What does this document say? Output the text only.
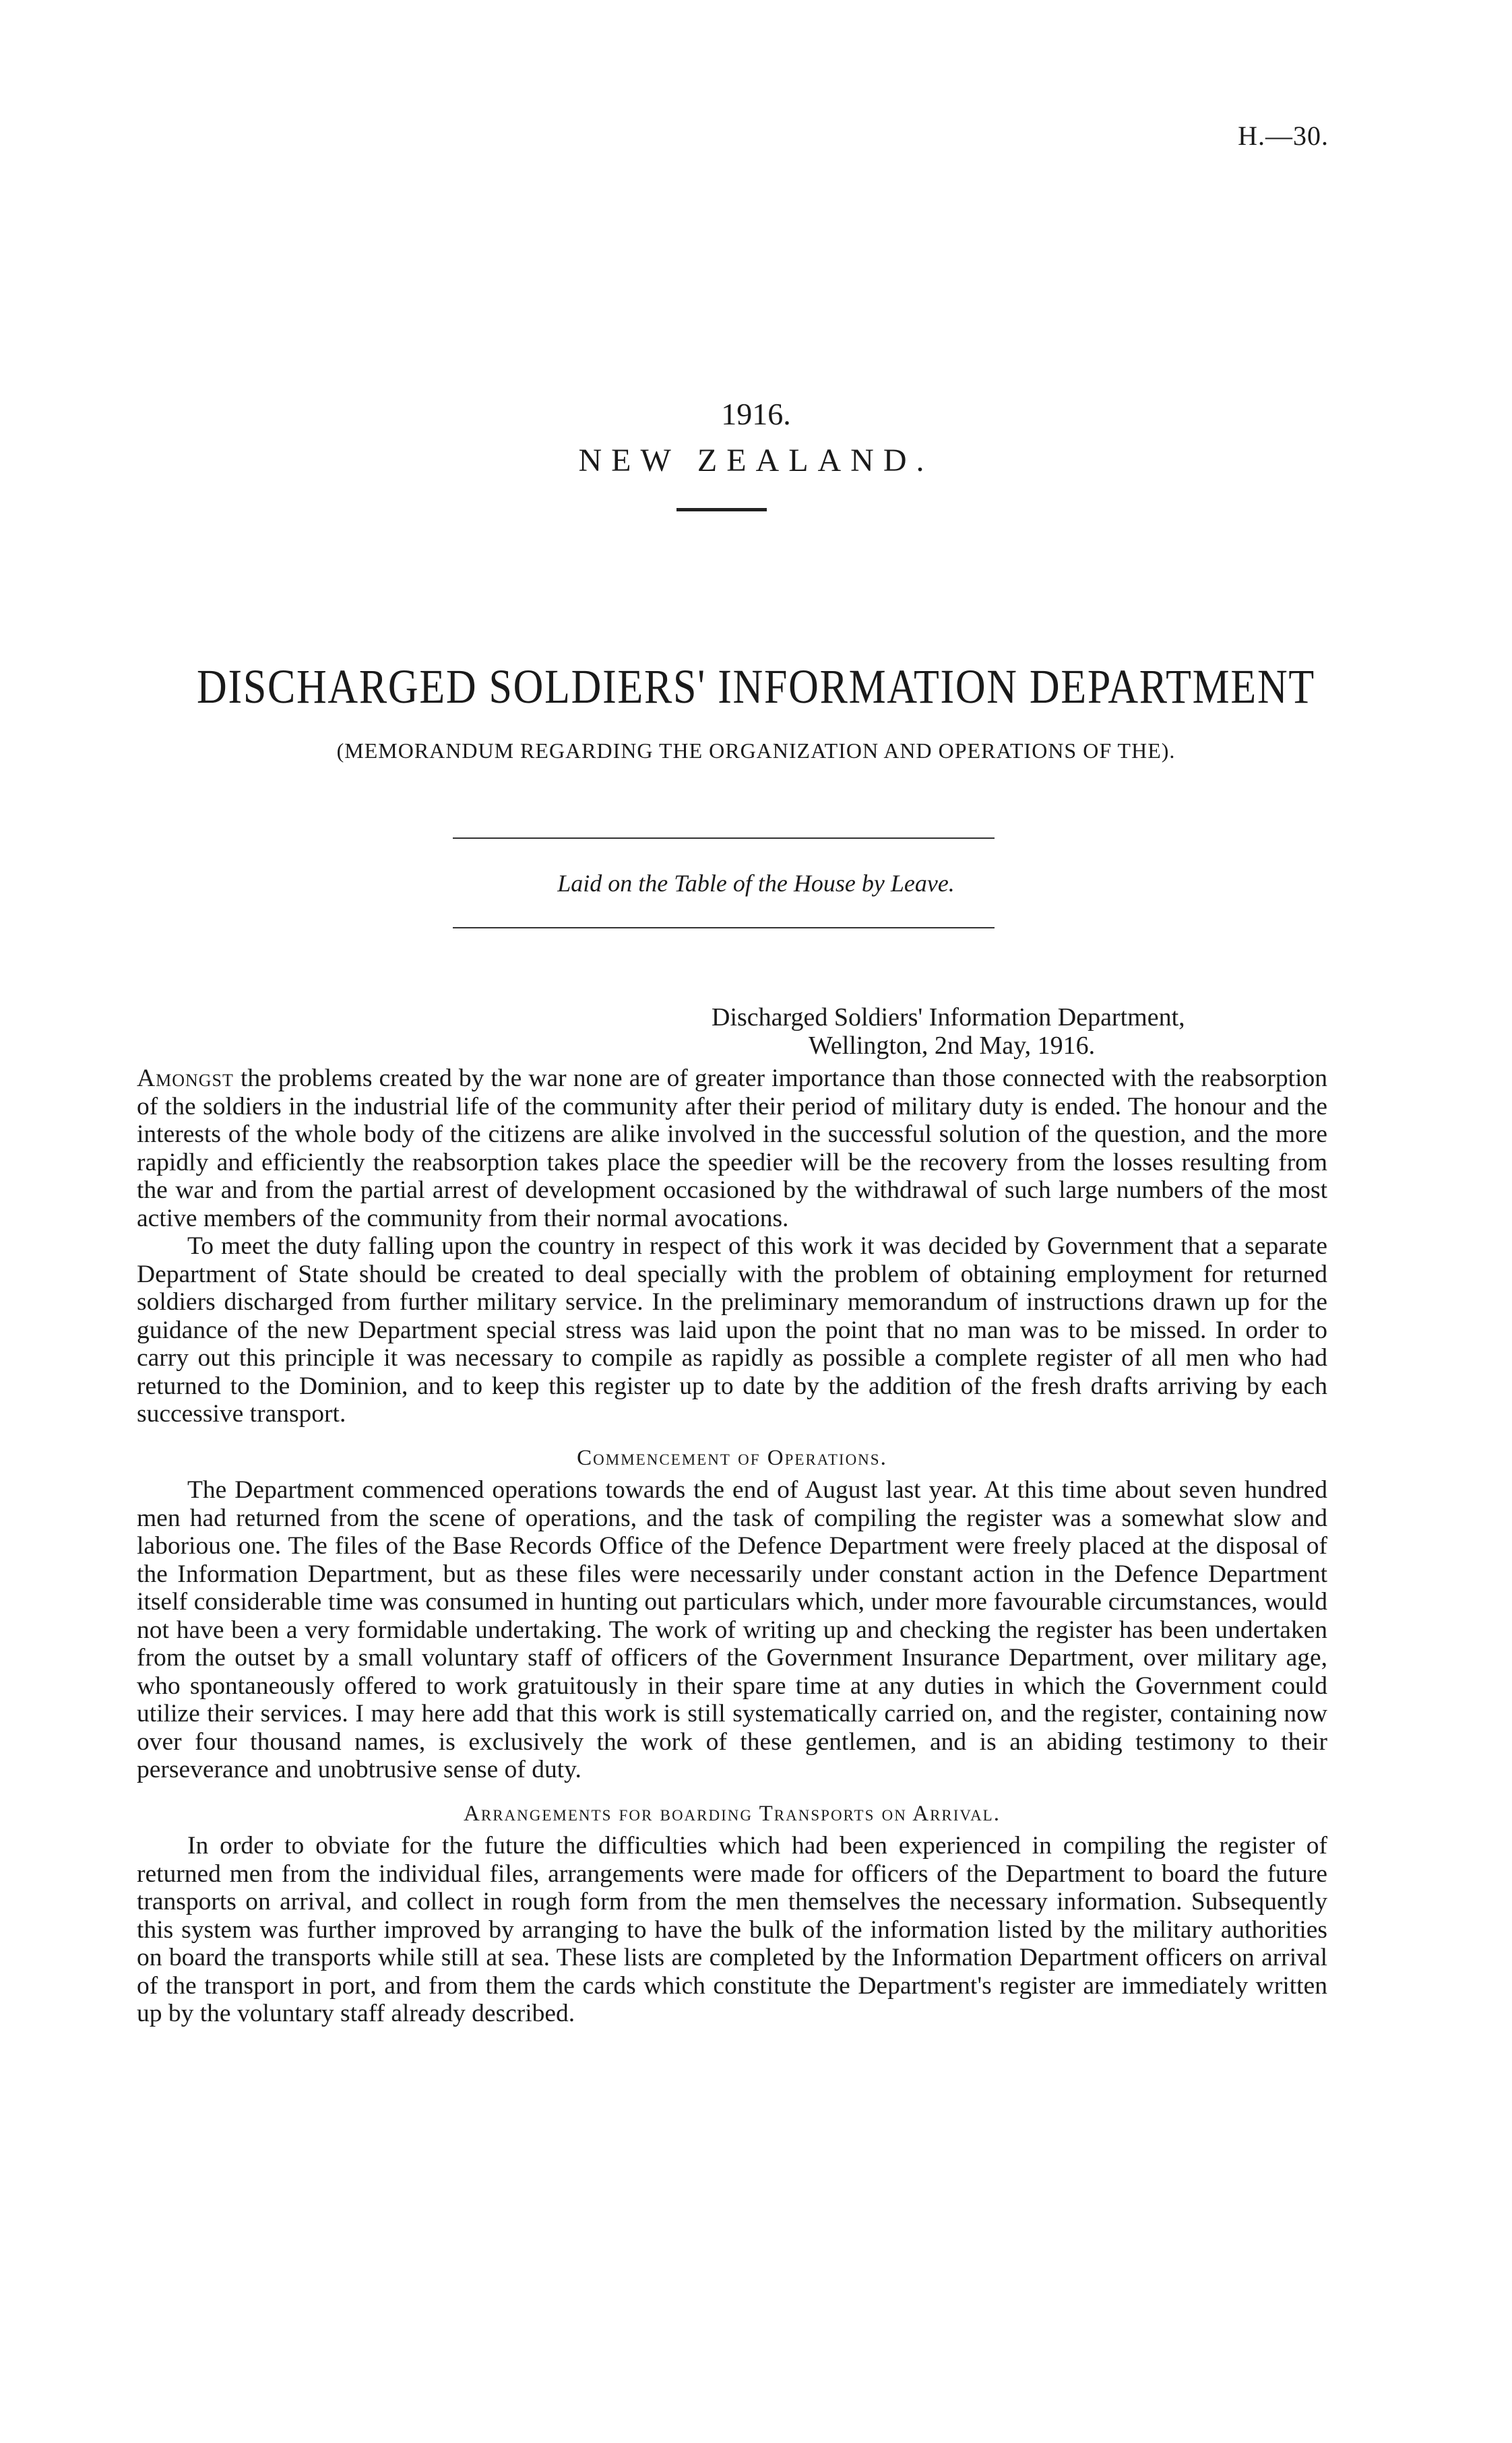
H.—30.
1916.
NEW ZEALAND.
DISCHARGED SOLDIERS' INFORMATION DEPARTMENT
(MEMORANDUM REGARDING THE ORGANIZATION AND OPERATIONS OF THE).
Laid on the Table of the House by Leave.
Discharged Soldiers' Information Department,
Wellington, 2nd May, 1916.

Amongst the problems created by the war none are of greater importance than those connected with the reabsorption of the soldiers in the industrial life of the community after their period of military duty is ended. The honour and the interests of the whole body of the citizens are alike involved in the successful solution of the question, and the more rapidly and efficiently the reabsorption takes place the speedier will be the recovery from the losses resulting from the war and from the partial arrest of development occasioned by the withdrawal of such large numbers of the most active members of the community from their normal avocations.

To meet the duty falling upon the country in respect of this work it was decided by Government that a separate Department of State should be created to deal specially with the problem of obtaining employment for returned soldiers discharged from further military service. In the preliminary memorandum of instructions drawn up for the guidance of the new Department special stress was laid upon the point that no man was to be missed. In order to carry out this principle it was necessary to compile as rapidly as possible a complete register of all men who had returned to the Dominion, and to keep this register up to date by the addition of the fresh drafts arriving by each successive transport.

Commencement of Operations.

The Department commenced operations towards the end of August last year. At this time about seven hundred men had returned from the scene of operations, and the task of compiling the register was a somewhat slow and laborious one. The files of the Base Records Office of the Defence Department were freely placed at the disposal of the Information Department, but as these files were necessarily under constant action in the Defence Department itself considerable time was consumed in hunting out particulars which, under more favourable circumstances, would not have been a very formidable undertaking. The work of writing up and checking the register has been undertaken from the outset by a small voluntary staff of officers of the Government Insurance Department, over military age, who spontaneously offered to work gratuitously in their spare time at any duties in which the Government could utilize their services. I may here add that this work is still systematically carried on, and the register, containing now over four thousand names, is exclusively the work of these gentlemen, and is an abiding testimony to their perseverance and unobtrusive sense of duty.

Arrangements for boarding Transports on Arrival.

In order to obviate for the future the difficulties which had been experienced in compiling the register of returned men from the individual files, arrangements were made for officers of the Department to board the future transports on arrival, and collect in rough form from the men themselves the necessary information. Subsequently this system was further improved by arranging to have the bulk of the information listed by the military authorities on board the transports while still at sea. These lists are completed by the Information Department officers on arrival of the transport in port, and from them the cards which constitute the Department's register are immediately written up by the voluntary staff already described.
